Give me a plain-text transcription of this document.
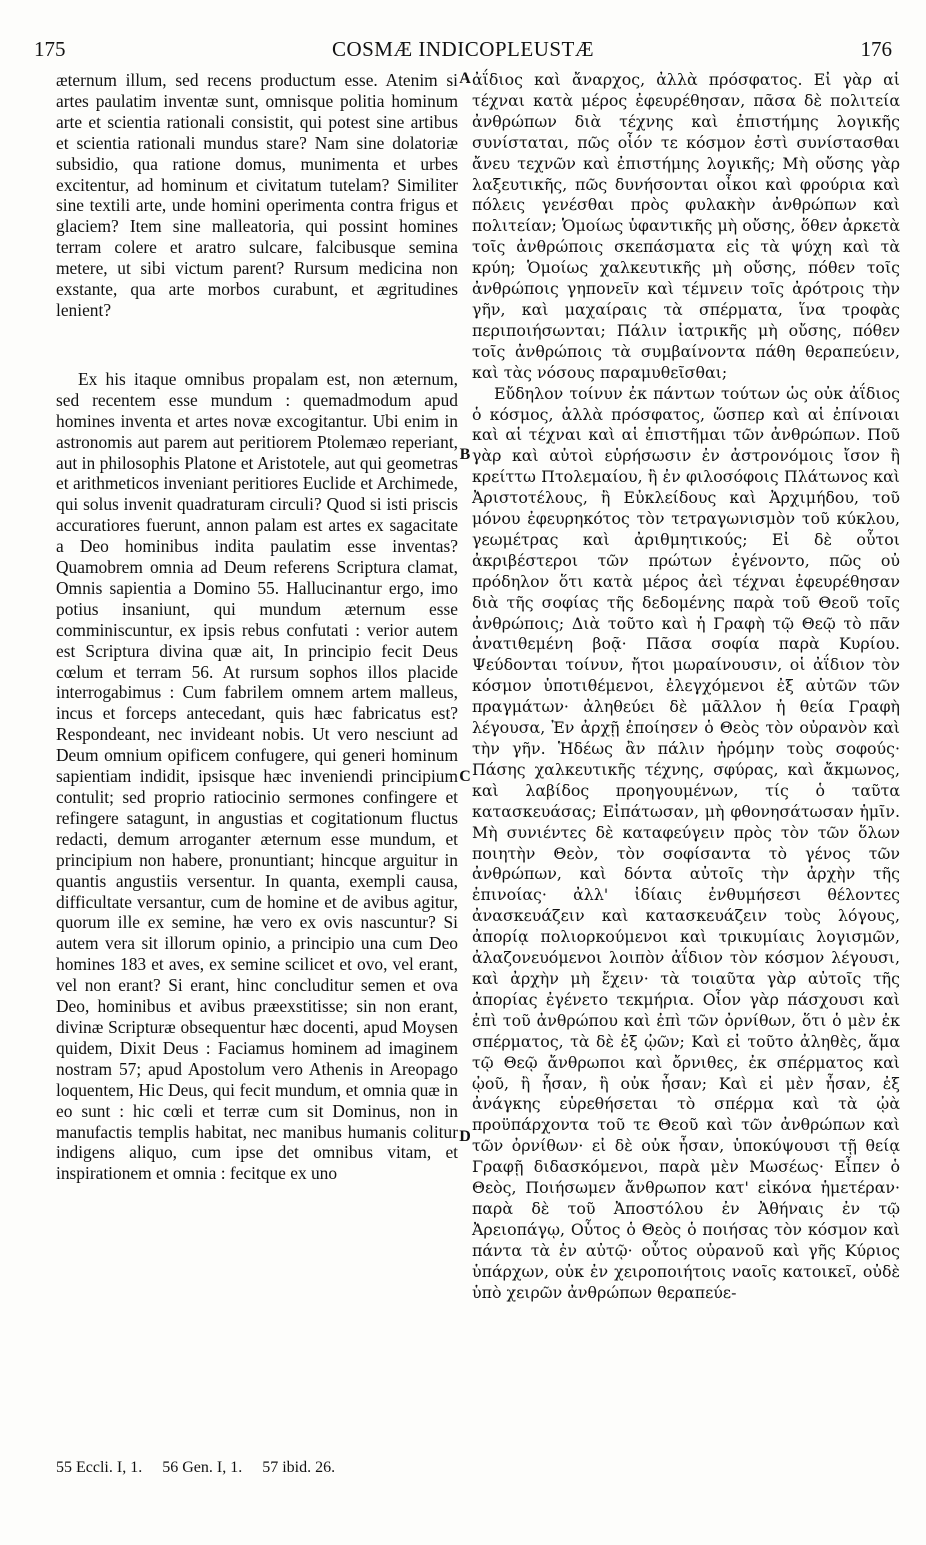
175	COSMÆ INDICOPLEUSTÆ	176
A
B
C
D

æternum illum, sed recens productum esse. Atenim si artes paulatim inventæ sunt, omnisque politia hominum arte et scientia rationali consistit, qui potest sine artibus et scientia rationali mundus stare? Nam sine dolatoriæ subsidio, qua ratione domus, munimenta et urbes excitentur, ad hominum et civitatum tutelam? Similiter sine textili arte, unde homini operimenta contra frigus et glaciem? Item sine malleatoria, qui possint homines terram colere et aratro sulcare, falcibusque semina metere, ut sibi victum parent? Rursum medicina non exstante, qua arte morbos curabunt, et ægritudines lenient?

Ex his itaque omnibus propalam est, non æternum, sed recentem esse mundum : quemadmodum apud homines inventa et artes novæ excogitantur. Ubi enim in astronomis aut parem aut peritiorem Ptolemæo reperiant, aut in philosophis Platone et Aristotele, aut qui geometras et arithmeticos inveniant peritiores Euclide et Archimede, qui solus invenit quadraturam circuli? Quod si isti priscis accuratiores fuerunt, annon palam est artes ex sagacitate a Deo hominibus indita paulatim esse inventas? Quamobrem omnia ad Deum referens Scriptura clamat, Omnis sapientia a Domino 55. Hallucinantur ergo, imo potius insaniunt, qui mundum æternum esse comminiscuntur, ex ipsis rebus confutati : verior autem est Scriptura divina quæ ait, In principio fecit Deus cœlum et terram 56. At rursum sophos illos placide interrogabimus : Cum fabrilem omnem artem malleus, incus et forceps antecedant, quis hæc fabricatus est? Respondeant, nec invideant nobis. Ut vero nesciunt ad Deum omnium opificem confugere, qui generi hominum sapientiam indidit, ipsisque hæc inveniendi principium contulit; sed proprio ratiocinio sermones confingere et refingere satagunt, in angustias et cogitationum fluctus redacti, demum arroganter æternum esse mundum, et principium non habere, pronuntiant; hincque arguitur in quantis angustiis versentur. In quanta, exempli causa, difficultate versantur, cum de homine et de avibus agitur, quorum ille ex semine, hæ vero ex ovis nascuntur? Si autem vera sit illorum opinio, a principio una cum Deo homines 183 et aves, ex semine scilicet et ovo, vel erant, vel non erant? Si erant, hinc concluditur semen et ova Deo, hominibus et avibus præexstitisse; sin non erant, divinæ Scripturæ obsequentur hæc docenti, apud Moysen quidem, Dixit Deus : Faciamus hominem ad imaginem nostram 57; apud Apostolum vero Athenis in Areopago loquentem, Hic Deus, qui fecit mundum, et omnia quæ in eo sunt : hic cœli et terræ cum sit Dominus, non in manufactis templis habitat, nec manibus humanis colitur indigens aliquo, cum ipse det omnibus vitam, et inspirationem et omnia : fecitque ex uno

ἀΐδιος καὶ ἄναρχος, ἀλλὰ πρόσφατος. Εἰ γὰρ αἱ τέχναι κατὰ μέρος ἐφευρέθησαν, πᾶσα δὲ πολιτεία ἀνθρώπων διὰ τέχνης καὶ ἐπιστήμης λογικῆς συνίσταται, πῶς οἷόν τε κόσμον ἐστὶ συνίστασθαι ἄνευ τεχνῶν καὶ ἐπιστήμης λογικῆς; Μὴ οὔσης γὰρ λαξευτικῆς, πῶς δυνήσονται οἶκοι καὶ φρούρια καὶ πόλεις γενέσθαι πρὸς φυλακὴν ἀνθρώπων καὶ πολιτείαν; Ὁμοίως ὑφαντικῆς μὴ οὔσης, ὅθεν ἀρκετὰ τοῖς ἀνθρώποις σκεπάσματα εἰς τὰ ψύχη καὶ τὰ κρύη; Ὁμοίως χαλκευτικῆς μὴ οὔσης, πόθεν τοῖς ἀνθρώποις γηπονεῖν καὶ τέμνειν τοῖς ἀρότροις τὴν γῆν, καὶ μαχαίραις τὰ σπέρματα, ἵνα τροφὰς περιποιήσωνται; Πάλιν ἰατρικῆς μὴ οὔσης, πόθεν τοῖς ἀνθρώποις τὰ συμβαίνοντα πάθη θεραπεύειν, καὶ τὰς νόσους παραμυθεῖσθαι;

Εὔδηλον τοίνυν ἐκ πάντων τούτων ὡς οὐκ ἀΐδιος ὁ κόσμος, ἀλλὰ πρόσφατος, ὥσπερ καὶ αἱ ἐπίνοιαι καὶ αἱ τέχναι καὶ αἱ ἐπιστῆμαι τῶν ἀνθρώπων. Ποῦ γὰρ καὶ αὐτοὶ εὑρήσωσιν ἐν ἀστρονόμοις ἴσον ἢ κρείττω Πτολεμαίου, ἢ ἐν φιλοσόφοις Πλάτωνος καὶ Ἀριστοτέλους, ἢ Εὐκλείδους καὶ Ἀρχιμήδου, τοῦ μόνου ἐφευρηκότος τὸν τετραγωνισμὸν τοῦ κύκλου, γεωμέτρας καὶ ἀριθμητικούς; Εἰ δὲ οὗτοι ἀκριβέστεροι τῶν πρώτων ἐγένοντο, πῶς οὐ πρόδηλον ὅτι κατὰ μέρος ἀεὶ τέχναι ἐφευρέθησαν διὰ τῆς σοφίας τῆς δεδομένης παρὰ τοῦ Θεοῦ τοῖς ἀνθρώποις; Διὰ τοῦτο καὶ ἡ Γραφὴ τῷ Θεῷ τὸ πᾶν ἀνατιθεμένη βοᾷ· Πᾶσα σοφία παρὰ Κυρίου. Ψεύδονται τοίνυν, ἤτοι μωραίνουσιν, οἱ ἀΐδιον τὸν κόσμον ὑποτιθέμενοι, ἐλεγχόμενοι ἐξ αὐτῶν τῶν πραγμάτων· ἀληθεύει δὲ μᾶλλον ἡ θεία Γραφὴ λέγουσα, Ἐν ἀρχῇ ἐποίησεν ὁ Θεὸς τὸν οὐρανὸν καὶ τὴν γῆν. Ἡδέως ἂν πάλιν ἠρόμην τοὺς σοφούς· Πάσης χαλκευτικῆς τέχνης, σφύρας, καὶ ἄκμωνος, καὶ λαβίδος προηγουμένων, τίς ὁ ταῦτα κατασκευάσας; Εἰπάτωσαν, μὴ φθονησάτωσαν ἡμῖν. Μὴ συνιέντες δὲ καταφεύγειν πρὸς τὸν τῶν ὅλων ποιητὴν Θεὸν, τὸν σοφίσαντα τὸ γένος τῶν ἀνθρώπων, καὶ δόντα αὐτοῖς τὴν ἀρχὴν τῆς ἐπινοίας· ἀλλ' ἰδίαις ἐνθυμήσεσι θέλοντες ἀνασκευάζειν καὶ κατασκευάζειν τοὺς λόγους, ἀπορίᾳ πολιορκούμενοι καὶ τρικυμίαις λογισμῶν, ἀλαζονευόμενοι λοιπὸν ἀΐδιον τὸν κόσμον λέγουσι, καὶ ἀρχὴν μὴ ἔχειν· τὰ τοιαῦτα γὰρ αὐτοῖς τῆς ἀπορίας ἐγένετο τεκμήρια. Οἷον γὰρ πάσχουσι καὶ ἐπὶ τοῦ ἀνθρώπου καὶ ἐπὶ τῶν ὀρνίθων, ὅτι ὁ μὲν ἐκ σπέρματος, τὰ δὲ ἐξ ᾠῶν; Καὶ εἰ τοῦτο ἀληθὲς, ἅμα τῷ Θεῷ ἄνθρωποι καὶ ὄρνιθες, ἐκ σπέρματος καὶ ᾠοῦ, ἢ ἦσαν, ἢ οὐκ ἦσαν; Καὶ εἰ μὲν ἦσαν, ἐξ ἀνάγκης εὑρεθήσεται τὸ σπέρμα καὶ τὰ ᾠὰ προϋπάρχοντα τοῦ τε Θεοῦ καὶ τῶν ἀνθρώπων καὶ τῶν ὀρνίθων· εἰ δὲ οὐκ ἦσαν, ὑποκύψουσι τῇ θείᾳ Γραφῇ διδασκόμενοι, παρὰ μὲν Μωσέως· Εἶπεν ὁ Θεὸς, Ποιήσωμεν ἄνθρωπον κατ' εἰκόνα ἡμετέραν· παρὰ δὲ τοῦ Ἀποστόλου ἐν Ἀθήναις ἐν τῷ Ἀρειοπάγῳ, Οὗτος ὁ Θεὸς ὁ ποιήσας τὸν κόσμον καὶ πάντα τὰ ἐν αὐτῷ· οὗτος οὐρανοῦ καὶ γῆς Κύριος ὑπάρχων, οὐκ ἐν χειροποιήτοις ναοῖς κατοικεῖ, οὐδὲ ὑπὸ χειρῶν ἀνθρώπων θεραπεύε-

55 Eccli. I, 1. 56 Gen. I, 1. 57 ibid. 26.
